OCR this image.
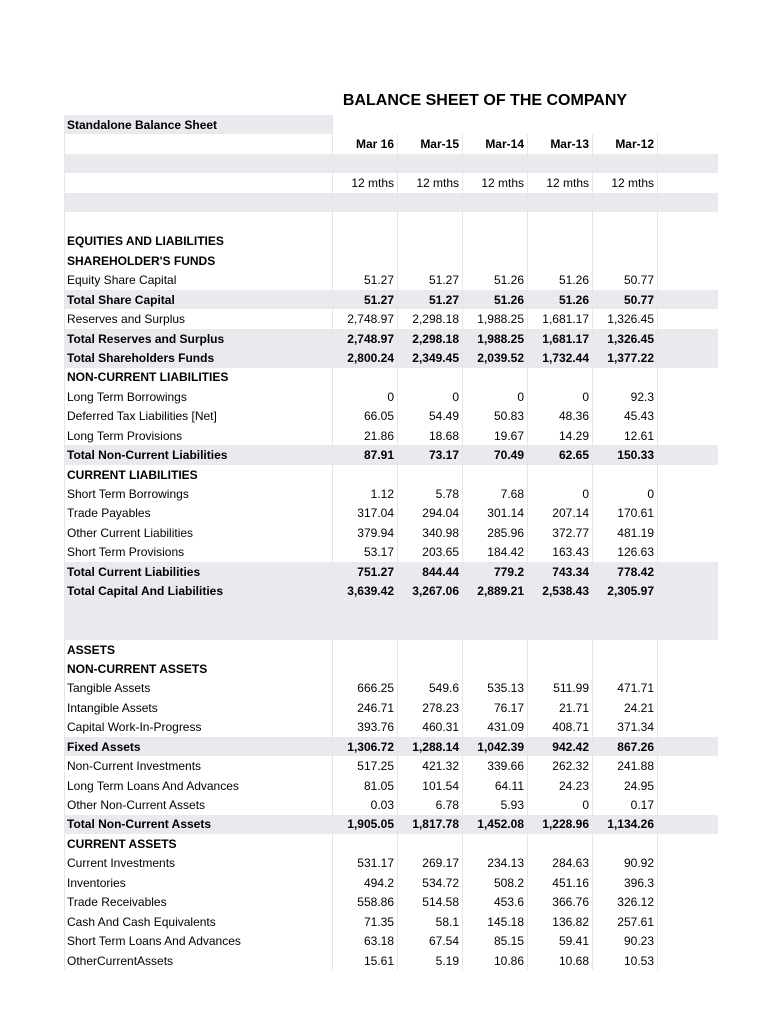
BALANCE SHEET OF THE COMPANY
Standalone Balance Sheet						
	Mar 16	Mar-15	Mar-14	Mar-13	Mar-12	

	12 mths	12 mths	12 mths	12 mths	12 mths	

EQUITIES AND LIABILITIES						
SHAREHOLDER'S FUNDS						
Equity Share Capital	51.27	51.27	51.26	51.26	50.77	
Total Share Capital	51.27	51.27	51.26	51.26	50.77	
Reserves and Surplus	2,748.97	2,298.18	1,988.25	1,681.17	1,326.45	
Total Reserves and Surplus	2,748.97	2,298.18	1,988.25	1,681.17	1,326.45	
Total Shareholders Funds	2,800.24	2,349.45	2,039.52	1,732.44	1,377.22	
NON-CURRENT LIABILITIES						
Long Term Borrowings	0	0	0	0	92.3	
Deferred Tax Liabilities [Net]	66.05	54.49	50.83	48.36	45.43	
Long Term Provisions	21.86	18.68	19.67	14.29	12.61	
Total Non-Current Liabilities	87.91	73.17	70.49	62.65	150.33	
CURRENT LIABILITIES						
Short Term Borrowings	1.12	5.78	7.68	0	0	
Trade Payables	317.04	294.04	301.14	207.14	170.61	
Other Current Liabilities	379.94	340.98	285.96	372.77	481.19	
Short Term Provisions	53.17	203.65	184.42	163.43	126.63	
Total Current Liabilities	751.27	844.44	779.2	743.34	778.42	
Total Capital And Liabilities	3,639.42	3,267.06	2,889.21	2,538.43	2,305.97	

ASSETS						
NON-CURRENT ASSETS						
Tangible Assets	666.25	549.6	535.13	511.99	471.71	
Intangible Assets	246.71	278.23	76.17	21.71	24.21	
Capital Work-In-Progress	393.76	460.31	431.09	408.71	371.34	
Fixed Assets	1,306.72	1,288.14	1,042.39	942.42	867.26	
Non-Current Investments	517.25	421.32	339.66	262.32	241.88	
Long Term Loans And Advances	81.05	101.54	64.11	24.23	24.95	
Other Non-Current Assets	0.03	6.78	5.93	0	0.17	
Total Non-Current Assets	1,905.05	1,817.78	1,452.08	1,228.96	1,134.26	
CURRENT ASSETS						
Current Investments	531.17	269.17	234.13	284.63	90.92	
Inventories	494.2	534.72	508.2	451.16	396.3	
Trade Receivables	558.86	514.58	453.6	366.76	326.12	
Cash And Cash Equivalents	71.35	58.1	145.18	136.82	257.61	
Short Term Loans And Advances	63.18	67.54	85.15	59.41	90.23	
OtherCurrentAssets	15.61	5.19	10.86	10.68	10.53	
